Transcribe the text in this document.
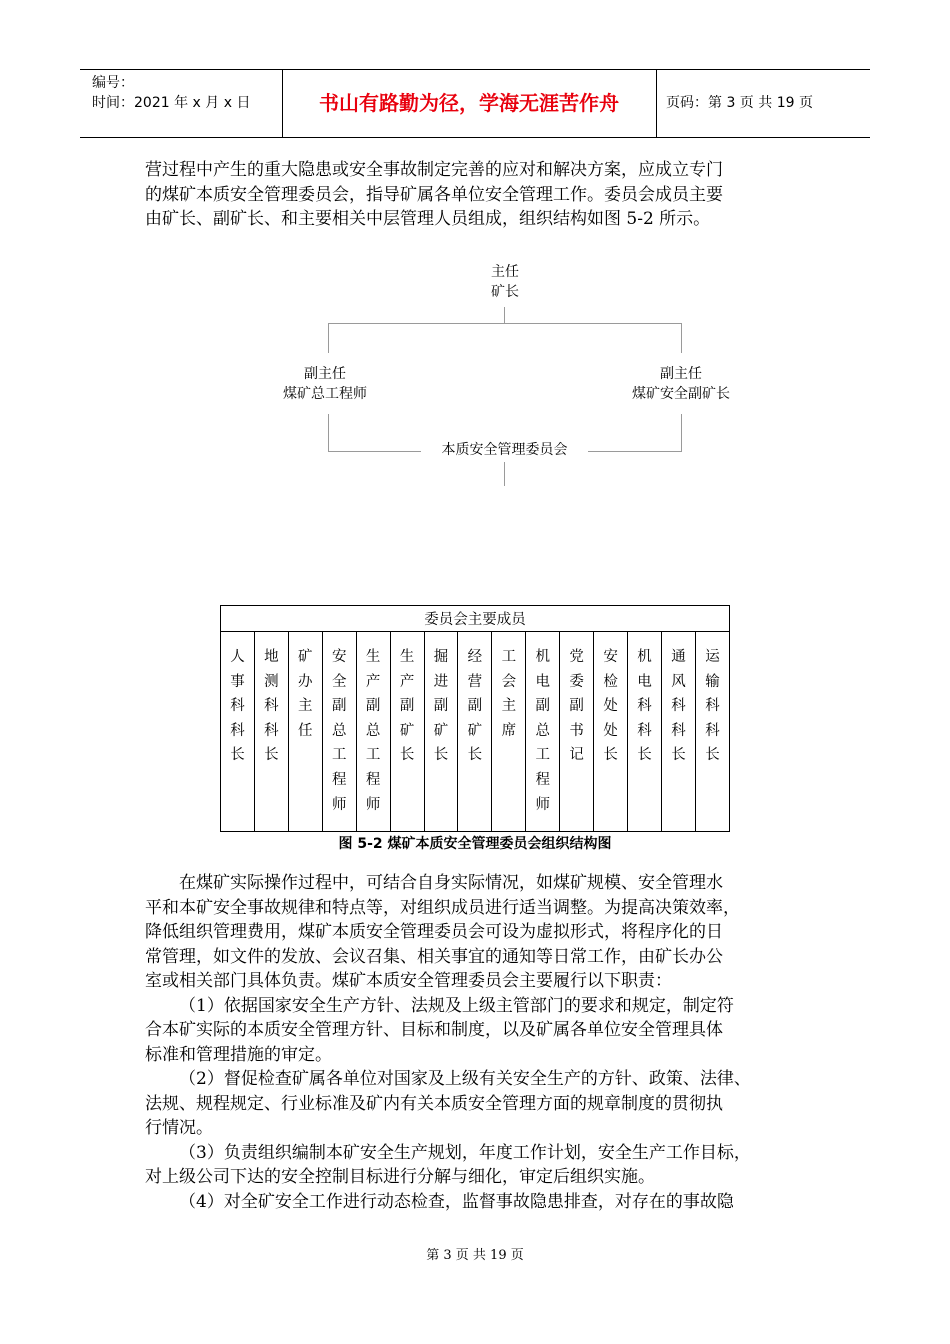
编号：
时间：2021 年 x 月 x 日	书山有路勤为径，学海无涯苦作舟	页码：第 3 页 共 19 页

营过程中产生的重大隐患或安全事故制定完善的应对和解决方案，应成立专门

的煤矿本质安全管理委员会，指导矿属各单位安全管理工作。委员会成员主要

由矿长、副矿长、和主要相关中层管理人员组成，组织结构如图 5-2 所示。

主任
矿长
副主任
煤矿总工程师
副主任
煤矿安全副矿长
本质安全管理委员会
委员会主要成员
人事科科长	地测科科长	矿办主任	安全副总工程师	生产副总工程师	生产副矿长	掘进副矿长	经营副矿长	工会主席	机电副总工程师	党委副书记	安检处处长	机电科科长	通风科科长	运输科科长
图 5-2 煤矿本质安全管理委员会组织结构图

在煤矿实际操作过程中，可结合自身实际情况，如煤矿规模、安全管理水

平和本矿安全事故规律和特点等，对组织成员进行适当调整。为提高决策效率，

降低组织管理费用，煤矿本质安全管理委员会可设为虚拟形式，将程序化的日

常管理，如文件的发放、会议召集、相关事宜的通知等日常工作，由矿长办公

室或相关部门具体负责。煤矿本质安全管理委员会主要履行以下职责：

（1）依据国家安全生产方针、法规及上级主管部门的要求和规定，制定符

合本矿实际的本质安全管理方针、目标和制度，以及矿属各单位安全管理具体

标准和管理措施的审定。

（2）督促检查矿属各单位对国家及上级有关安全生产的方针、政策、法律、

法规、规程规定、行业标准及矿内有关本质安全管理方面的规章制度的贯彻执

行情况。

（3）负责组织编制本矿安全生产规划，年度工作计划，安全生产工作目标，

对上级公司下达的安全控制目标进行分解与细化，审定后组织实施。

（4）对全矿安全工作进行动态检查，监督事故隐患排查，对存在的事故隐

第 3 页 共 19 页
